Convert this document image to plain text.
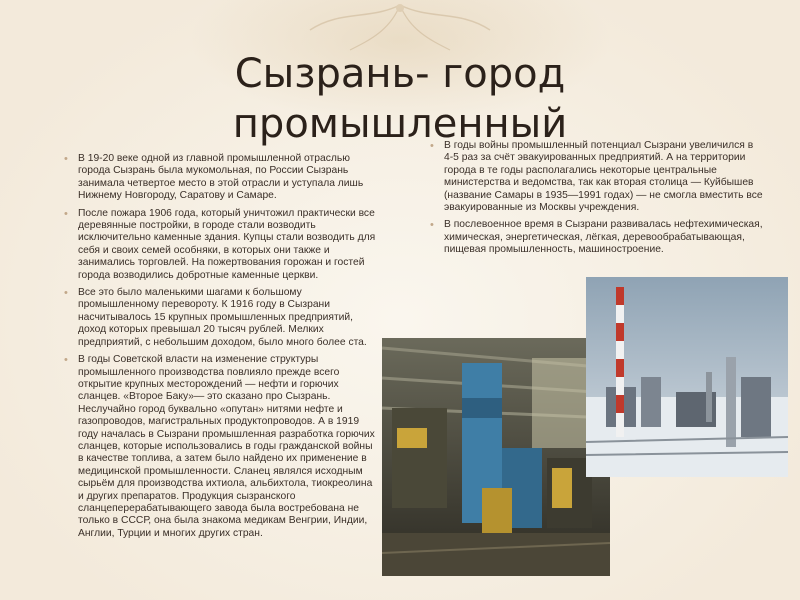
Сызрань- город
промышленный
• В 19-20 веке одной из главной промышленной отраслью города Сызрань была мукомольная, по России Сызрань занимала четвертое место в этой отрасли и уступала лишь Нижнему Новгороду, Саратову и Самаре.
• После пожара 1906 года, который уничтожил практически все деревянные постройки, в городе стали возводить исключительно каменные здания. Купцы стали возводить для себя и своих семей особняки, в которых они также и занимались торговлей. На пожертвования горожан и гостей города возводились добротные каменные церкви.
• Все это было маленькими шагами к большому промышленному перевороту. К 1916 году в Сызрани насчитывалось 15 крупных промышленных предприятий, доход которых превышал 20 тысяч рублей. Мелких предприятий, с небольшим доходом, было много более ста.
• В годы Советской власти на изменение структуры промышленного производства повлияло прежде всего открытие крупных месторождений — нефти и горючих сланцев. «Второе Баку»— это сказано про Сызрань. Неслучайно город буквально «опутан» нитями нефте и газопроводов, магистральных продуктопроводов. А в 1919 году началась в Сызрани промышленная разработка горючих сланцев, которые использовались в годы гражданской войны в качестве топлива, а затем было найдено их применение в медицинской промышленности. Сланец являлся исходным сырьём для производства ихтиола, альбихтола, тиокреолина и других препаратов. Продукция сызранского сланцеперерабатывающего завода была востребована не только в СССР, она была знакома медикам Венгрии, Индии, Англии, Турции и многих других стран.
• В годы войны промышленный потенциал Сызрани увеличился в 4-5 раз за счёт эвакуированных предприятий. А на территории города в те годы располагались некоторые центральные министерства и ведомства, так как вторая столица — Куйбышев (название Самары в 1935—1991 годах) — не смогла вместить все эвакуированные из Москвы учреждения.
• В послевоенное время в Сызрани развивалась нефтехимическая, химическая, энергетическая, лёгкая, деревообрабатывающая, пищевая промышленность, машиностроение.
